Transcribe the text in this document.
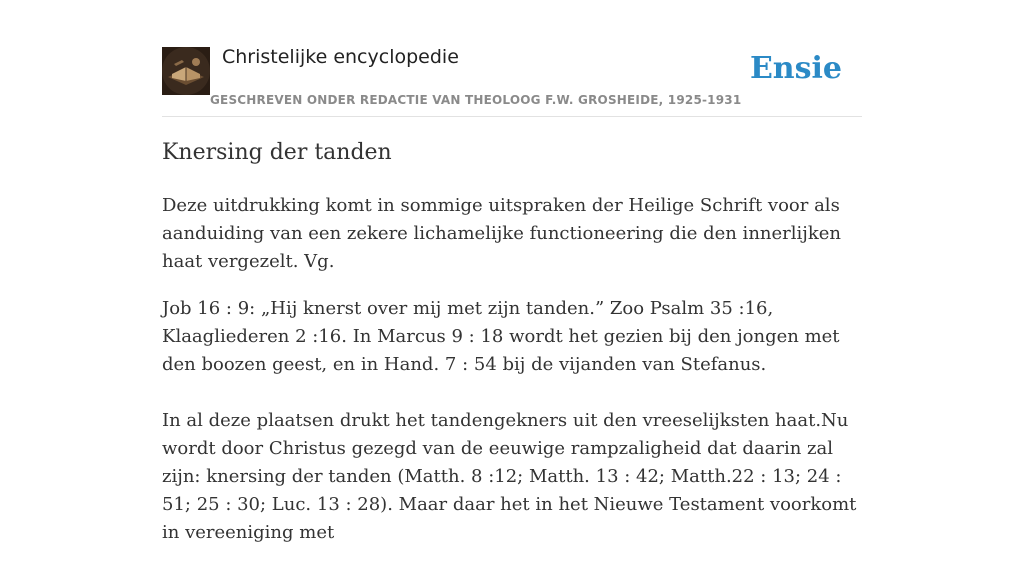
Christelijke encyclopedie
GESCHREVEN ONDER REDACTIE VAN THEOLOOG F.W. GROSHEIDE, 1925-1931
Ensie
Knersing der tanden

Deze uitdrukking komt in sommige uitspraken der Heilige Schrift voor als aanduiding van een zekere lichamelijke functioneering die den innerlijken haat vergezelt. Vg.

Job 16 : 9: „Hij knerst over mij met zijn tanden.” Zoo Psalm 35 :16, Klaagliederen 2 :16. In Marcus 9 : 18 wordt het gezien bij den jongen met den boozen geest, en in Hand. 7 : 54 bij de vijanden van Stefanus.

In al deze plaatsen drukt het tandengekners uit den vreeselijksten haat.Nu wordt door Christus gezegd van de eeuwige rampzaligheid dat daarin zal zijn: knersing der tanden (Matth. 8 :12; Matth. 13 : 42; Matth.22 : 13; 24 : 51; 25 : 30; Luc. 13 : 28). Maar daar het in het Nieuwe Testament voorkomt in vereeniging met
